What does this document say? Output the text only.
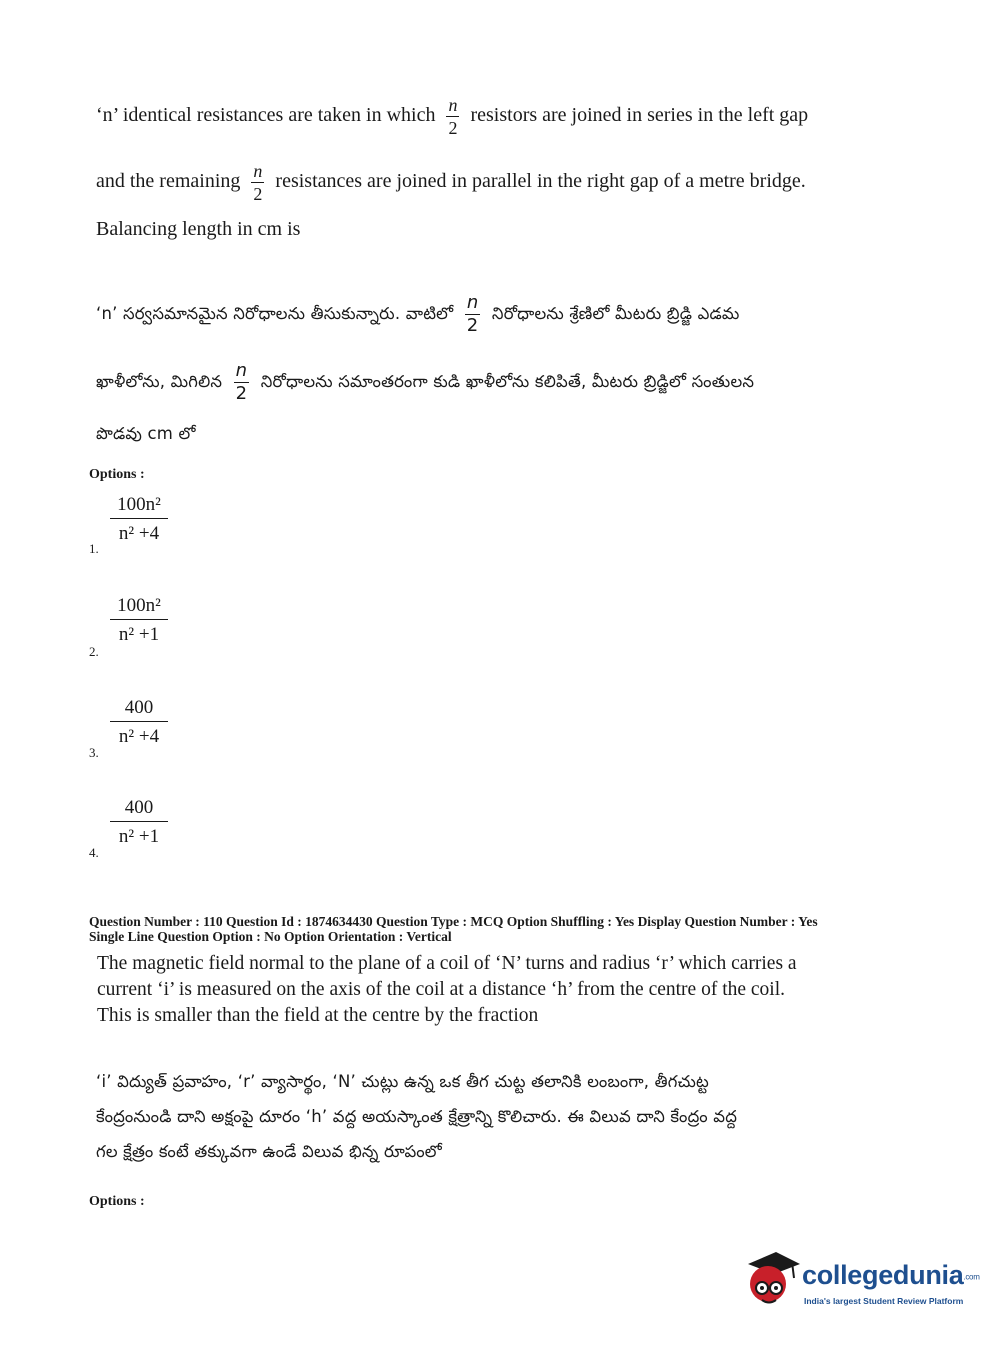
‘n’ identical resistances are taken in which $\frac{n}{2}$ resistors are joined in series in the left gap
and the remaining $\frac{n}{2}$ resistances are joined in parallel in the right gap of a metre bridge.
Balancing length in cm is
‘n’ సర్వసమానమైన నిరోధాలను తీసుకున్నారు. వాటిలో $\frac{n}{2}$ నిరోధాలను శ్రేణిలో మీటరు బ్రిడ్జి ఎడమ
ఖాళీలోను, మిగిలిన $\frac{n}{2}$ నిరోధాలను సమాంతరంగా కుడి ఖాళీలోను కలిపితే, మీటరు బ్రిడ్జిలో సంతులన
పొడవు cm లో
Options :
100n²
n² +4
1.
100n²
n² +1
2.
400
n² +4
3.
400
n² +1
4.
Question Number : 110 Question Id : 1874634430 Question Type : MCQ Option Shuffling : Yes Display Question Number : Yes
Single Line Question Option : No Option Orientation : Vertical
The magnetic field normal to the plane of a coil of ‘N’ turns and radius ‘r’ which carries a
current ‘i’ is measured on the axis of the coil at a distance ‘h’ from the centre of the coil.
This is smaller than the field at the centre by the fraction
‘i’ విద్యుత్ ప్రవాహం, ‘r’ వ్యాసార్థం, ‘N’ చుట్లు ఉన్న ఒక తీగ చుట్ట తలానికి లంబంగా, తీగచుట్ట
కేంద్రంనుండి దాని అక్షంపై దూరం ‘h’ వద్ద అయస్కాంత క్షేత్రాన్ని కొలిచారు. ఈ విలువ దాని కేంద్రం వద్ద
గల క్షేత్రం కంటే తక్కువగా ఉండే విలువ భిన్న రూపంలో
Options :
collegedunia.com
India's largest Student Review Platform
